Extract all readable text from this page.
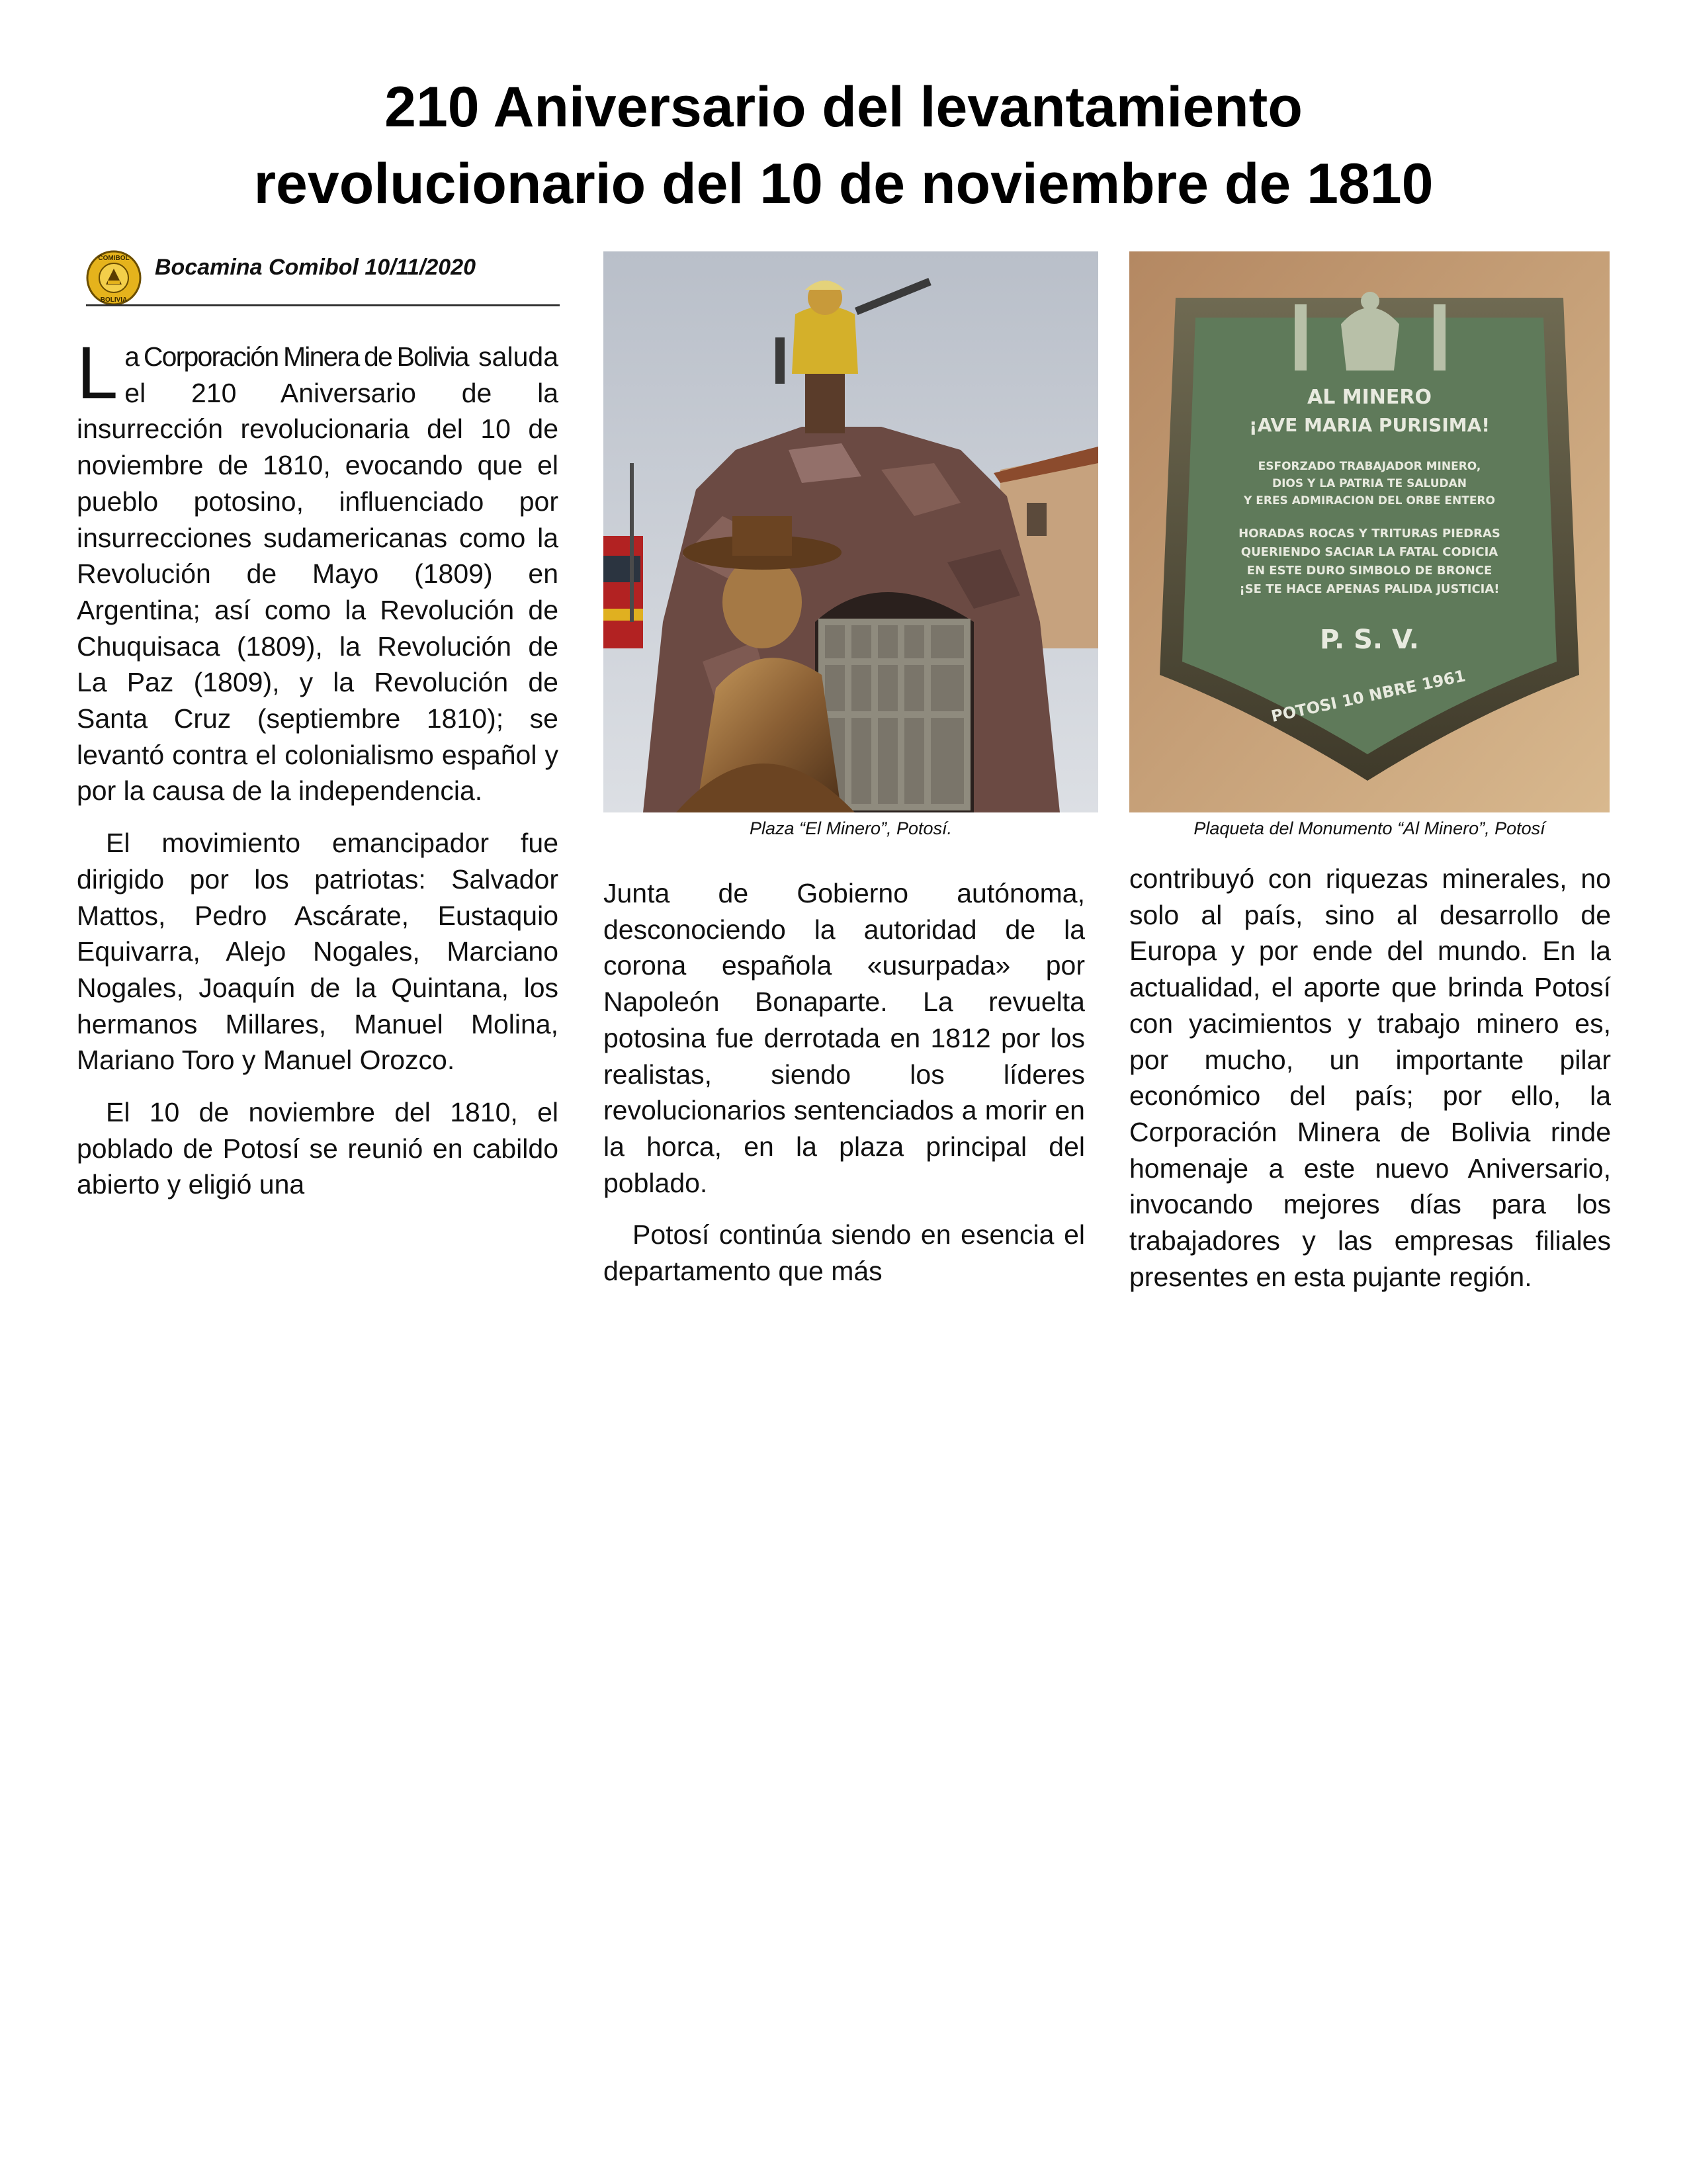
210 Aniversario del levantamiento
revolucionario del 10 de noviembre de 1810
COMIBOL
BOLIVIA
Bocamina Comibol 10/11/2020

La Corporación Minera de Bolivia saluda el 210 Aniversario de la insurrección revolucionaria del 10 de noviembre de 1810, evocando que el pueblo potosino, influenciado por insurrecciones sudamericanas como la Revolución de Mayo (1809) en Argentina; así como la Revolución de Chuquisaca (1809), la Revolución de La Paz (1809), y la Revolución de Santa Cruz (septiembre 1810); se levantó contra el colonialismo español y por la causa de la independencia.

El movimiento emancipador fue dirigido por los patriotas: Salvador Mattos, Pedro Ascárate, Eustaquio Equivarra, Alejo Nogales, Marciano Nogales, Joaquín de la Quintana, los hermanos Millares, Manuel Molina, Mariano Toro y Manuel Orozco.

El 10 de noviembre del 1810, el poblado de Potosí se reunió en cabildo abierto y eligió una

Plaza “El Minero”, Potosí.
AL MINERO
¡AVE MARIA PURISIMA!
ESFORZADO TRABAJADOR MINERO,
DIOS Y LA PATRIA TE SALUDAN
Y ERES ADMIRACION DEL ORBE ENTERO
HORADAS ROCAS Y TRITURAS PIEDRAS
QUERIENDO SACIAR LA FATAL CODICIA
EN ESTE DURO SIMBOLO DE BRONCE
¡SE TE HACE APENAS PALIDA JUSTICIA!
P. S. V.
POTOSI 10 NBRE 1961
Plaqueta del Monumento “Al Minero”, Potosí

Junta de Gobierno autónoma, desconociendo la autoridad de la corona española «usurpada» por Napoleón Bonaparte. La revuelta potosina fue derrotada en 1812 por los realistas, siendo los líderes revolucionarios sentenciados a morir en la horca, en la plaza principal del poblado.

Potosí continúa siendo en esencia el departamento que más

contribuyó con riquezas minerales, no solo al país, sino al desarrollo de Europa y por ende del mundo. En la actualidad, el aporte que brinda Potosí con yacimientos y trabajo minero es, por mucho, un importante pilar económico del país; por ello, la Corporación Minera de Bolivia rinde homenaje a este nuevo Aniversario, invocando mejores días para los trabajadores y las empresas filiales presentes en esta pujante región.
